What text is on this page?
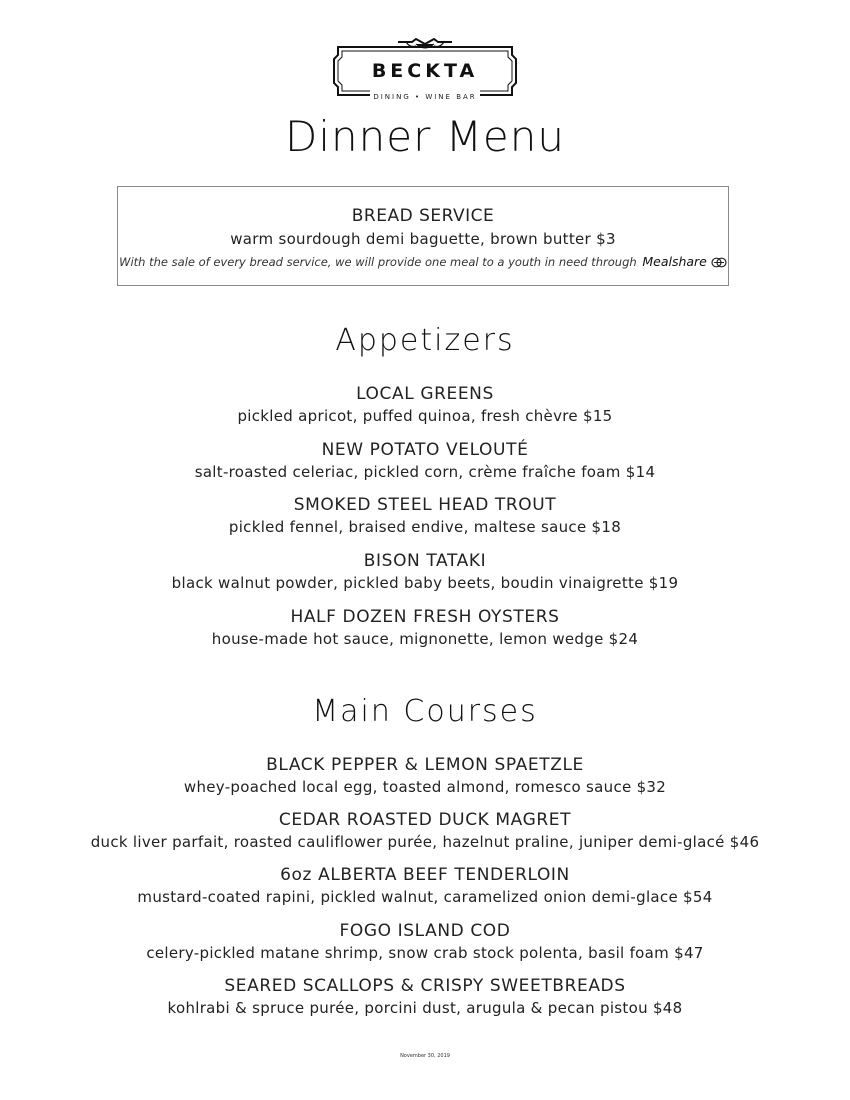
BECKTA
DINING • WINE BAR
Dinner Menu
BREAD SERVICE
warm sourdough demi baguette, brown butter $3
With the sale of every bread service, we will provide one meal to a youth in need through Mealshare
Appetizers
LOCAL GREENS
pickled apricot, puffed quinoa, fresh chèvre $15
NEW POTATO VELOUTÉ
salt-roasted celeriac, pickled corn, crème fraîche foam $14
SMOKED STEEL HEAD TROUT
pickled fennel, braised endive, maltese sauce $18
BISON TATAKI
black walnut powder, pickled baby beets, boudin vinaigrette $19
HALF DOZEN FRESH OYSTERS
house-made hot sauce, mignonette, lemon wedge $24
Main Courses
BLACK PEPPER & LEMON SPAETZLE
whey-poached local egg, toasted almond, romesco sauce $32
CEDAR ROASTED DUCK MAGRET
duck liver parfait, roasted cauliflower purée, hazelnut praline, juniper demi-glacé $46
6oz ALBERTA BEEF TENDERLOIN
mustard-coated rapini, pickled walnut, caramelized onion demi-glace $54
FOGO ISLAND COD
celery-pickled matane shrimp, snow crab stock polenta, basil foam $47
SEARED SCALLOPS & CRISPY SWEETBREADS
kohlrabi & spruce purée, porcini dust, arugula & pecan pistou $48
November 30, 2019
